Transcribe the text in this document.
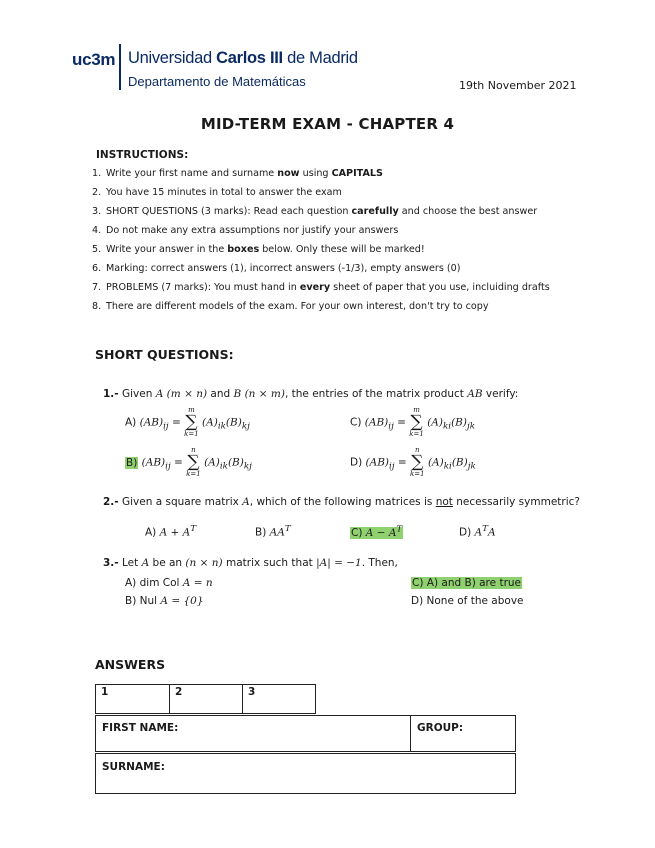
uc3m Universidad Carlos III de Madrid
Departamento de Matemáticas	19th November 2021
MID-TERM EXAM - CHAPTER 4
INSTRUCTIONS:
1. Write your first name and surname now using CAPITALS
2. You have 15 minutes in total to answer the exam
3. SHORT QUESTIONS (3 marks): Read each question carefully and choose the best answer
4. Do not make any extra assumptions nor justify your answers
5. Write your answer in the boxes below. Only these will be marked!
6. Marking: correct answers (1), incorrect answers (-1/3), empty answers (0)
7. PROBLEMS (7 marks): You must hand in every sheet of paper that you use, incluiding drafts
8. There are different models of the exam. For your own interest, don't try to copy
SHORT QUESTIONS:
1.- Given A (m × n) and B (n × m), the entries of the matrix product AB verify:
A) $(AB)_{ij}$ =
m
∑
k=1
$(A)_{ik}(B)_{kj}$	C) $(AB)_{ij}$ =
m
∑
k=1
$(A)_{ki}(B)_{jk}$
B) $(AB)_{ij}$ =
n
∑
k=1
$(A)_{ik}(B)_{kj}$	D) $(AB)_{ij}$ =
n
∑
k=1
$(A)_{ki}(B)_{jk}$
2.- Given a square matrix A, which of the following matrices is not necessarily symmetric?
A) $A + A^T$	B) $AA^T$	C) $A - A^T$	D) $A^TA$
3.- Let A be an (n × n) matrix such that |A| = −1. Then,
A) dim Col A = n
B) Nul A = {0}
C) A) and B) are true
D) None of the above
ANSWERS
1	2	3
FIRST NAME:	GROUP:
SURNAME:
